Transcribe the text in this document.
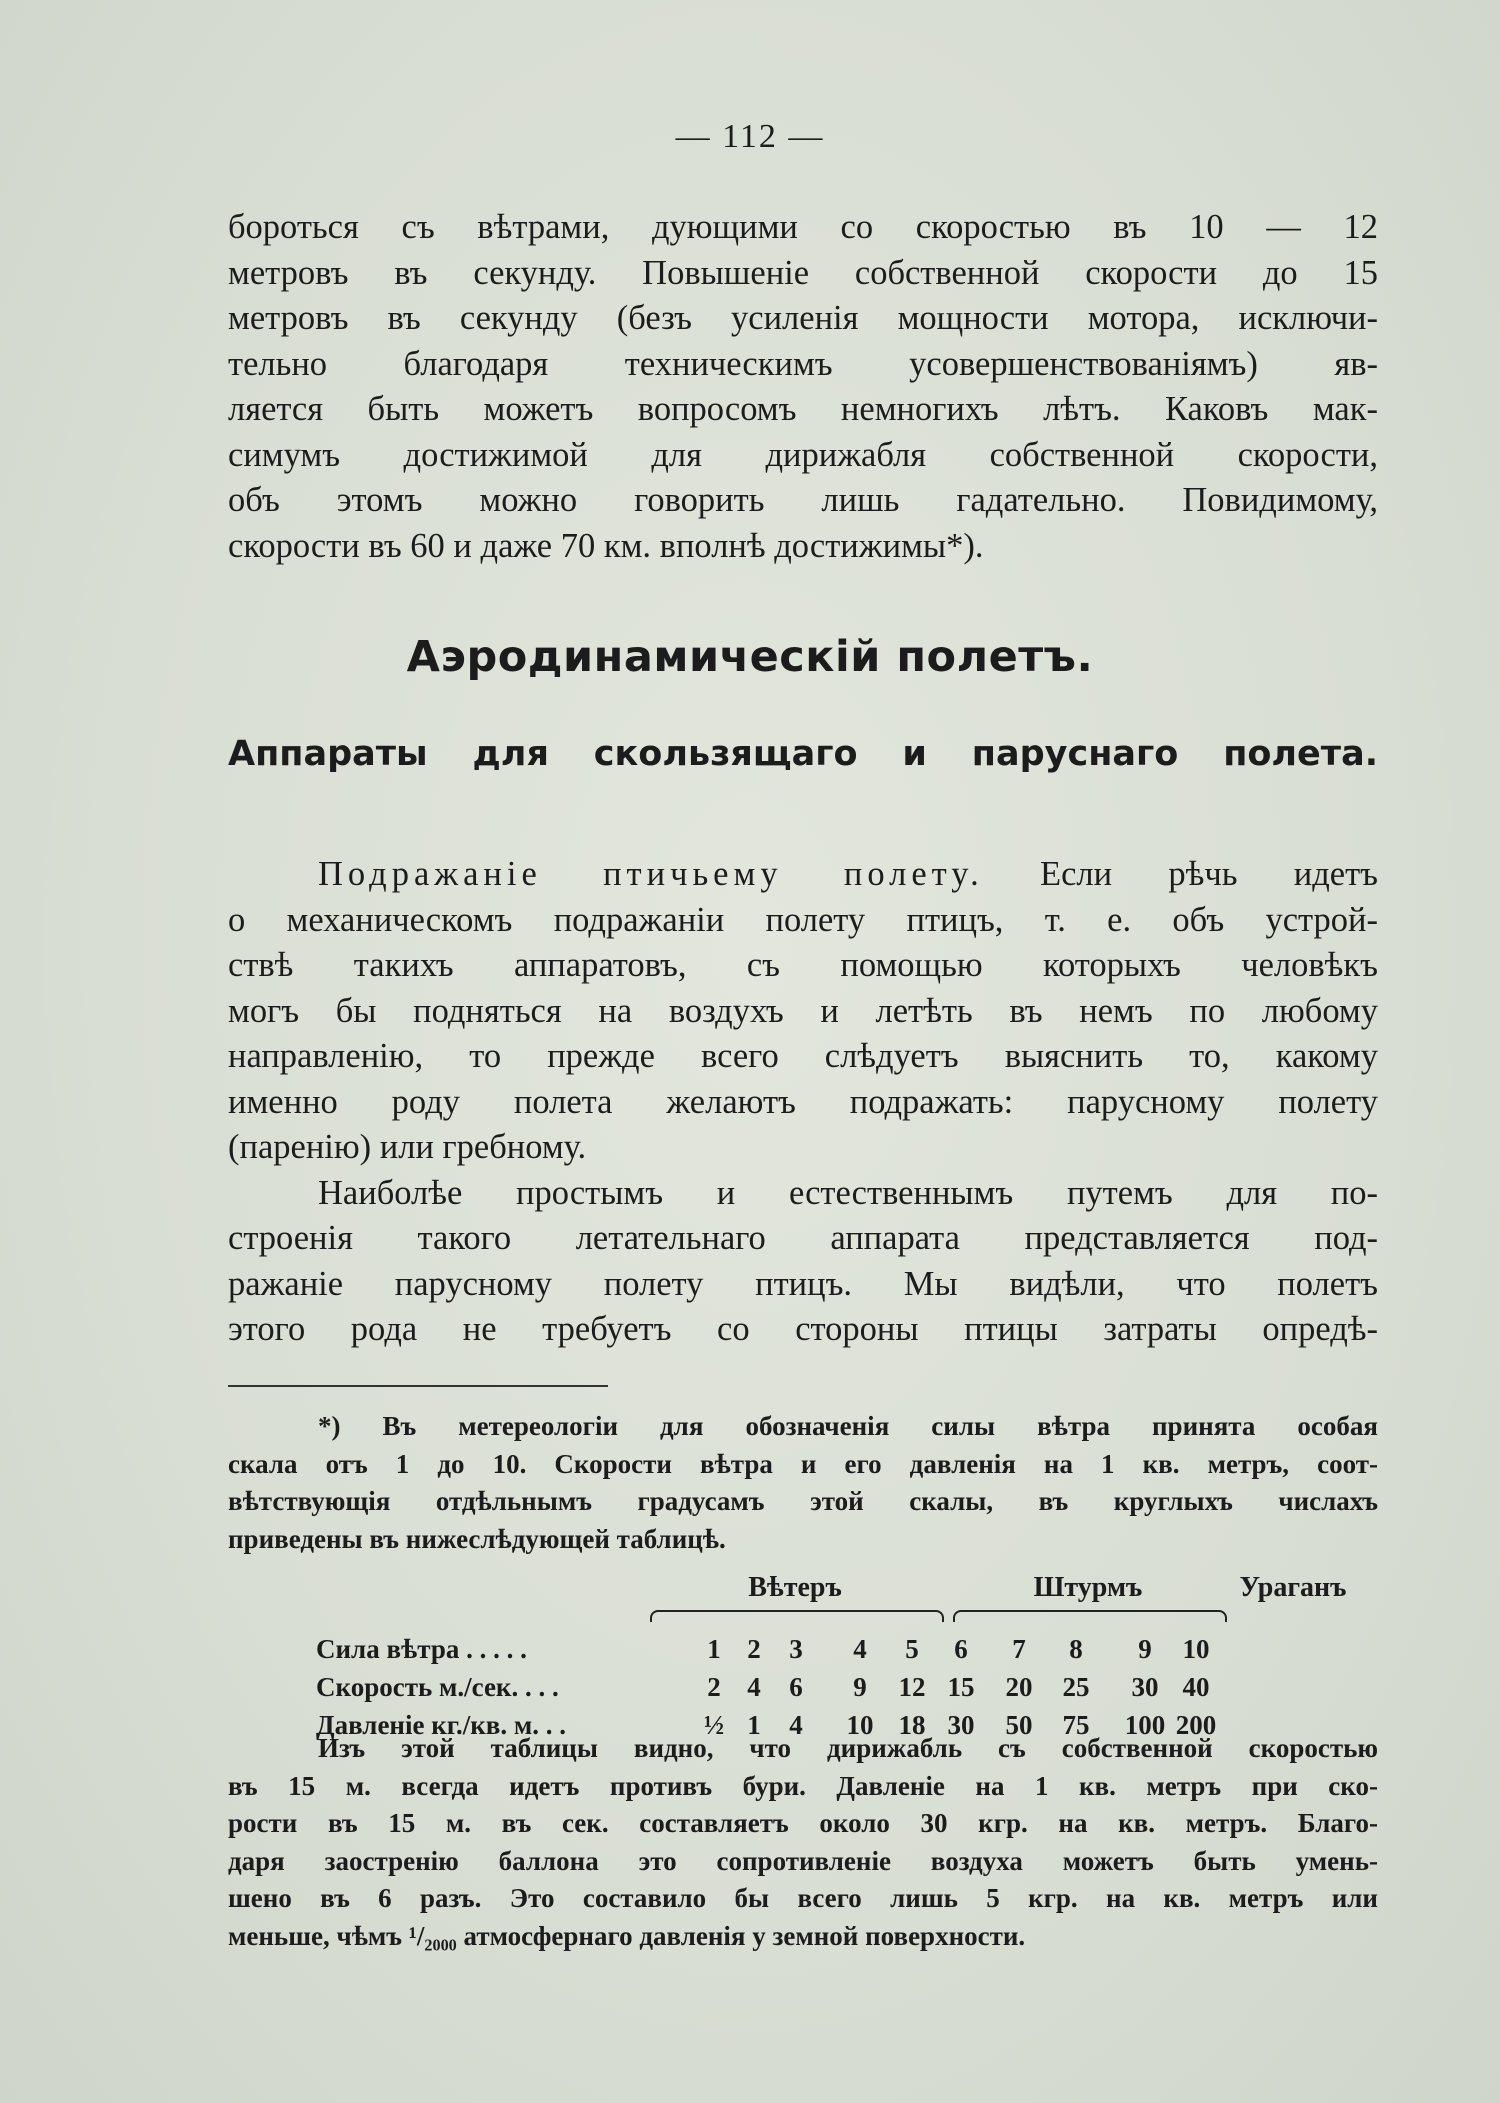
— 112 —

бороться съ вѣтрами, дующими со скоростью въ 10 — 12
метровъ въ секунду. Повышеніе собственной скорости до 15
метровъ въ секунду (безъ усиленія мощности мотора, исключи-
тельно благодаря техническимъ усовершенствованіямъ) яв-
ляется быть можетъ вопросомъ немногихъ лѣтъ. Каковъ мак-
симумъ достижимой для дирижабля собственной скорости,
объ этомъ можно говорить лишь гадательно. Повидимому,
скорости въ 60 и даже 70 км. вполнѣ достижимы*).

Аэродинамическій полетъ.
Аппараты для скользящаго и паруснаго полета.

Подражаніе птичьему полету. Если рѣчь идетъ
о механическомъ подражаніи полету птицъ, т. е. объ устрой-
ствѣ такихъ аппаратовъ, съ помощью которыхъ человѣкъ
могъ бы подняться на воздухъ и летѣть въ немъ по любому
направленію, то прежде всего слѣдуетъ выяснить то, какому
именно роду полета желаютъ подражать: парусному полету
(паренію) или гребному.

Наиболѣе простымъ и естественнымъ путемъ для по-
строенія такого летательнаго аппарата представляется под-
ражаніе парусному полету птицъ. Мы видѣли, что полетъ
этого рода не требуетъ со стороны птицы затраты опредѣ-

*) Въ метереологіи для обозначенія силы вѣтра принята особая
скала отъ 1 до 10. Скорости вѣтра и его давленія на 1 кв. метръ, соот-
вѣтствующія отдѣльнымъ градусамъ этой скалы, въ круглыхъ числахъ
приведены въ нижеслѣдующей таблицѣ.
Вѣтеръ	Штурмъ	Ураганъ
Сила вѣтра . . . . .	1 2	3	4	5	6	7	8	9	10
Скорость м./сек. . . .	2 4	6	9	12 15	20	25	30 40
Давленіе кг./кв. м. . .	½ 1	4	10 18 30	50	75	100 200
Изъ этой таблицы видно, что дирижабль съ собственной скоростью
въ 15 м. всегда идетъ противъ бури. Давленіе на 1 кв. метръ при ско-
рости въ 15 м. въ сек. составляетъ около 30 кгр. на кв. метръ. Благо-
даря заостренію баллона это сопротивленіе воздуха можетъ быть умень-
шено въ 6 разъ. Это составило бы всего лишь 5 кгр. на кв. метръ или
меньше, чѣмъ ¹/₂₀₀₀ атмосфернаго давленія у земной поверхности.
